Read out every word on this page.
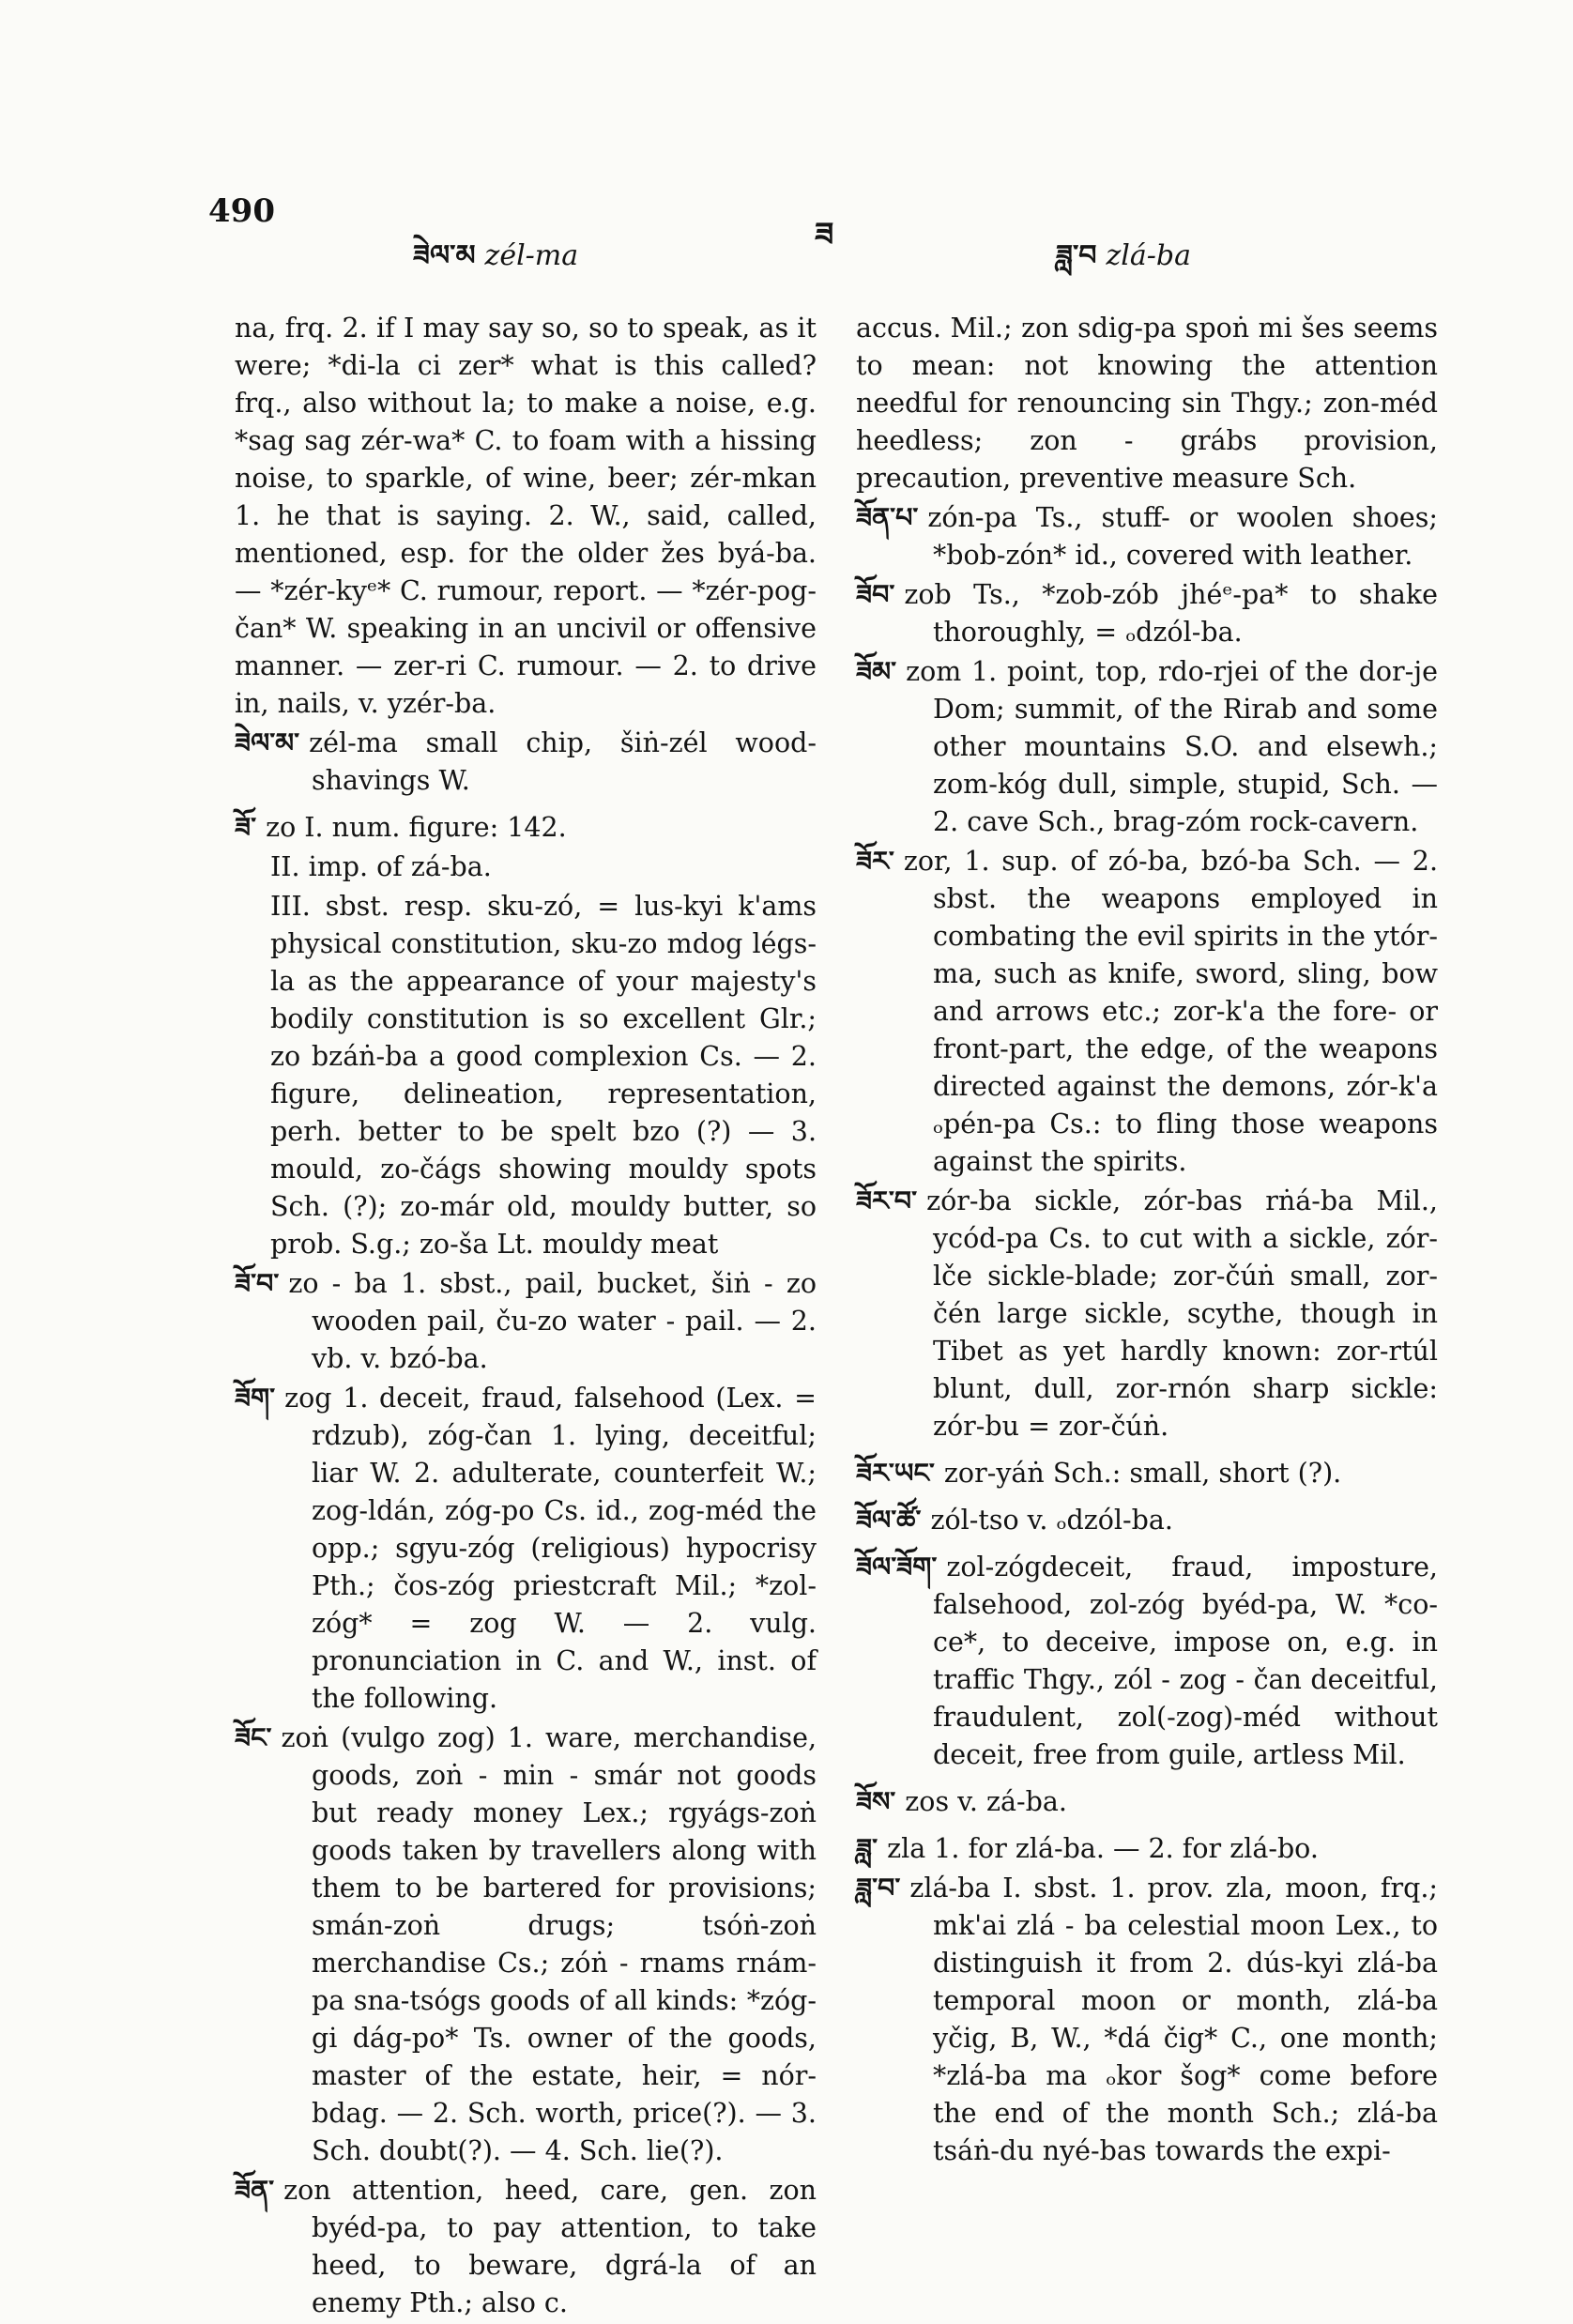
490
ཟེལ་མ zél-ma
ཟ
ཟླ་བ zlá-ba

na, frq. 2. if I may say so, so to speak, as it were; *di-la ci zer* what is this called? frq., also without la; to make a noise, e.g. *sag sag zér-wa* C. to foam with a hissing noise, to sparkle, of wine, beer; zér-mkan 1. he that is saying. 2. W., said, called, mentioned, esp. for the older žes byá-ba. — *zér-kyᵉ* C. rumour, report. — *zér-pog-čan* W. speaking in an uncivil or offensive manner. — zer-ri C. rumour. — 2. to drive in, nails, v. yzér-ba.

ཟེལ་མ་ zél-ma small chip, šiṅ-zél wood-shavings W.

ཟོ་ zo I. num. figure: 142.

II. imp. of zá-ba.

III. sbst. resp. sku-zó, = lus-kyi k'ams physical constitution, sku-zo mdog légs-la as the appearance of your majesty's bodily constitution is so excellent Glr.; zo bzáṅ-ba a good complexion Cs. — 2. figure, delineation, representation, perh. better to be spelt bzo (?) — 3. mould, zo-čágs showing mouldy spots Sch. (?); zo-már old, mouldy butter, so prob. S.g.; zo-ša Lt. mouldy meat

ཟོ་བ་ zo - ba 1. sbst., pail, bucket, šiṅ - zo wooden pail, ču-zo water - pail. — 2. vb. v. bzó-ba.

ཟོག་ zog 1. deceit, fraud, falsehood (Lex. = rdzub), zóg-čan 1. lying, deceitful; liar W. 2. adulterate, counterfeit W.; zog-ldán, zóg-po Cs. id., zog-méd the opp.; sgyu-zóg (religious) hypocrisy Pth.; čos-zóg priestcraft Mil.; *zol-zóg* = zog W. — 2. vulg. pronunciation in C. and W., inst. of the following.

ཟོང་ zoṅ (vulgo zog) 1. ware, merchandise, goods, zoṅ - min - smár not goods but ready money Lex.; rgyágs-zoṅ goods taken by travellers along with them to be bartered for provisions; smán-zoṅ drugs; tsóṅ-zoṅ merchandise Cs.; zóṅ - rnams rnám-pa sna-tsógs goods of all kinds: *zóg-gi dág-po* Ts. owner of the goods, master of the estate, heir, = nór-bdag. — 2. Sch. worth, price(?). — 3. Sch. doubt(?). — 4. Sch. lie(?).

ཟོན་ zon attention, heed, care, gen. zon byéd-pa, to pay attention, to take heed, to beware, dgrá-la of an enemy Pth.; also c.

accus. Mil.; zon sdig-pa spoṅ mi šes seems to mean: not knowing the attention needful for renouncing sin Thgy.; zon-méd heedless; zon - grábs provision, precaution, preventive measure Sch.

ཟོན་པ་ zón-pa Ts., stuff- or woolen shoes; *bob-zón* id., covered with leather.

ཟོབ་ zob Ts., *zob-zób jhéᵉ-pa* to shake thoroughly, = ₒdzól-ba.

ཟོམ་ zom 1. point, top, rdo-rjei of the dor-je Dom; summit, of the Rirab and some other mountains S.O. and elsewh.; zom-kóg dull, simple, stupid, Sch. — 2. cave Sch., brag-zóm rock-cavern.

ཟོར་ zor, 1. sup. of zó-ba, bzó-ba Sch. — 2. sbst. the weapons employed in combating the evil spirits in the ytór-ma, such as knife, sword, sling, bow and arrows etc.; zor-k'a the fore- or front-part, the edge, of the weapons directed against the demons, zór-k'a ₒpén-pa Cs.: to fling those weapons against the spirits.

ཟོར་བ་ zór-ba sickle, zór-bas rṅá-ba Mil., ycód-pa Cs. to cut with a sickle, zór-lče sickle-blade; zor-čúṅ small, zor-čén large sickle, scythe, though in Tibet as yet hardly known: zor-rtúl blunt, dull, zor-rnón sharp sickle: zór-bu = zor-čúṅ.

ཟོར་ཡང་ zor-yáṅ Sch.: small, short (?).

ཟོལ་ཚོ་ zól-tso v. ₒdzól-ba.

ཟོལ་ཟོག་ zol-zógdeceit, fraud, imposture, falsehood, zol-zóg byéd-pa, W. *co-ce*, to deceive, impose on, e.g. in traffic Thgy., zól - zog - čan deceitful, fraudulent, zol(-zog)-méd without deceit, free from guile, artless Mil.

ཟོས་ zos v. zá-ba.

ཟླ་ zla 1. for zlá-ba. — 2. for zlá-bo.

ཟླ་བ་ zlá-ba I. sbst. 1. prov. zla, moon, frq.; mk'ai zlá - ba celestial moon Lex., to distinguish it from 2. dús-kyi zlá-ba temporal moon or month, zlá-ba yčig, B, W., *dá čig* C., one month; *zlá-ba ma ₒkor šog* come before the end of the month Sch.; zlá-ba tsáṅ-du nyé-bas towards the expi-
